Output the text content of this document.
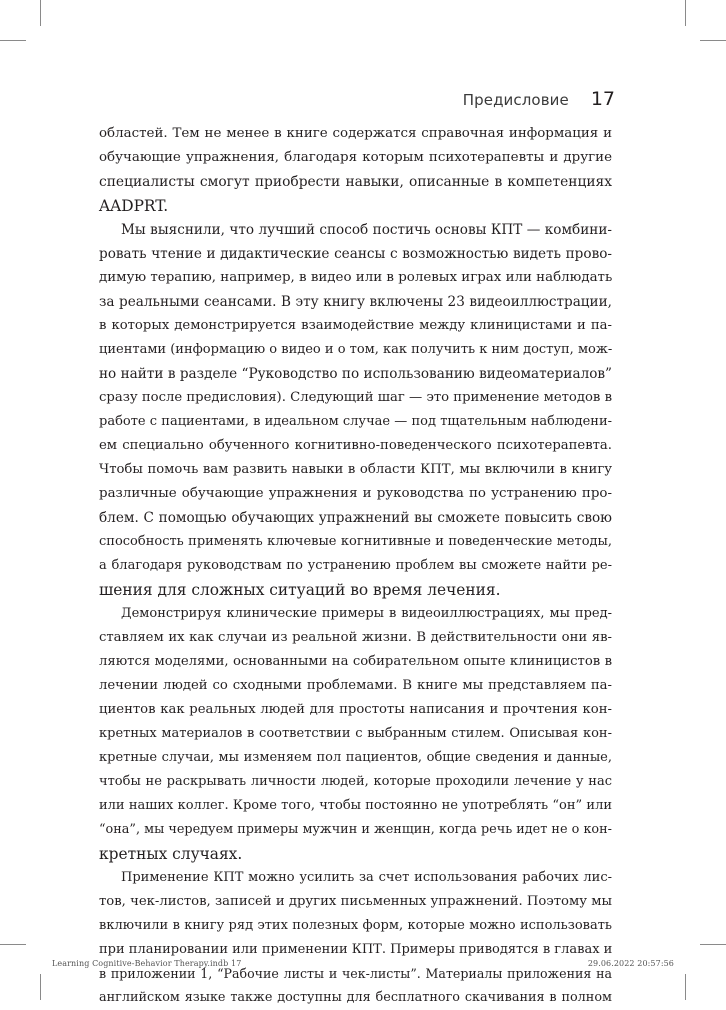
Предисловие 17
областей. Тем не менее в книге содержатся справочная информация и
обучающие упражнения, благодаря которым психотерапевты и другие
специалисты смогут приобрести навыки, описанные в компетенциях
AADPRT.
Мы выяснили, что лучший способ постичь основы КПТ — комбини-
ровать чтение и дидактические сеансы с возможностью видеть прово-
димую терапию, например, в видео или в ролевых играх или наблюдать
за реальными сеансами. В эту книгу включены 23 видеоиллюстрации,
в которых демонстрируется взаимодействие между клиницистами и па-
циентами (информацию о видео и о том, как получить к ним доступ, мож-
но найти в разделе “Руководство по использованию видеоматериалов”
сразу после предисловия). Следующий шаг — это применение методов в
работе с пациентами, в идеальном случае — под тщательным наблюдени-
ем специально обученного когнитивно-поведенческого психотерапевта.
Чтобы помочь вам развить навыки в области КПТ, мы включили в книгу
различные обучающие упражнения и руководства по устранению про-
блем. С помощью обучающих упражнений вы сможете повысить свою
способность применять ключевые когнитивные и поведенческие методы,
а благодаря руководствам по устранению проблем вы сможете найти ре-
шения для сложных ситуаций во время лечения.
Демонстрируя клинические примеры в видеоиллюстрациях, мы пред-
ставляем их как случаи из реальной жизни. В действительности они яв-
ляются моделями, основанными на собирательном опыте клиницистов в
лечении людей со сходными проблемами. В книге мы представляем па-
циентов как реальных людей для простоты написания и прочтения кон-
кретных материалов в соответствии с выбранным стилем. Описывая кон-
кретные случаи, мы изменяем пол пациентов, общие сведения и данные,
чтобы не раскрывать личности людей, которые проходили лечение у нас
или наших коллег. Кроме того, чтобы постоянно не употреблять “он” или
“она”, мы чередуем примеры мужчин и женщин, когда речь идет не о кон-
кретных случаях.
Применение КПТ можно усилить за счет использования рабочих лис-
тов, чек-листов, записей и других письменных упражнений. Поэтому мы
включили в книгу ряд этих полезных форм, которые можно использовать
при планировании или применении КПТ. Примеры приводятся в главах и
в приложении 1, “Рабочие листы и чек-листы”. Материалы приложения на
английском языке также доступны для бесплатного скачивания в полном
Learning Cognitive-Behavior Therapy.indb 17	29.06.2022 20:57:56
